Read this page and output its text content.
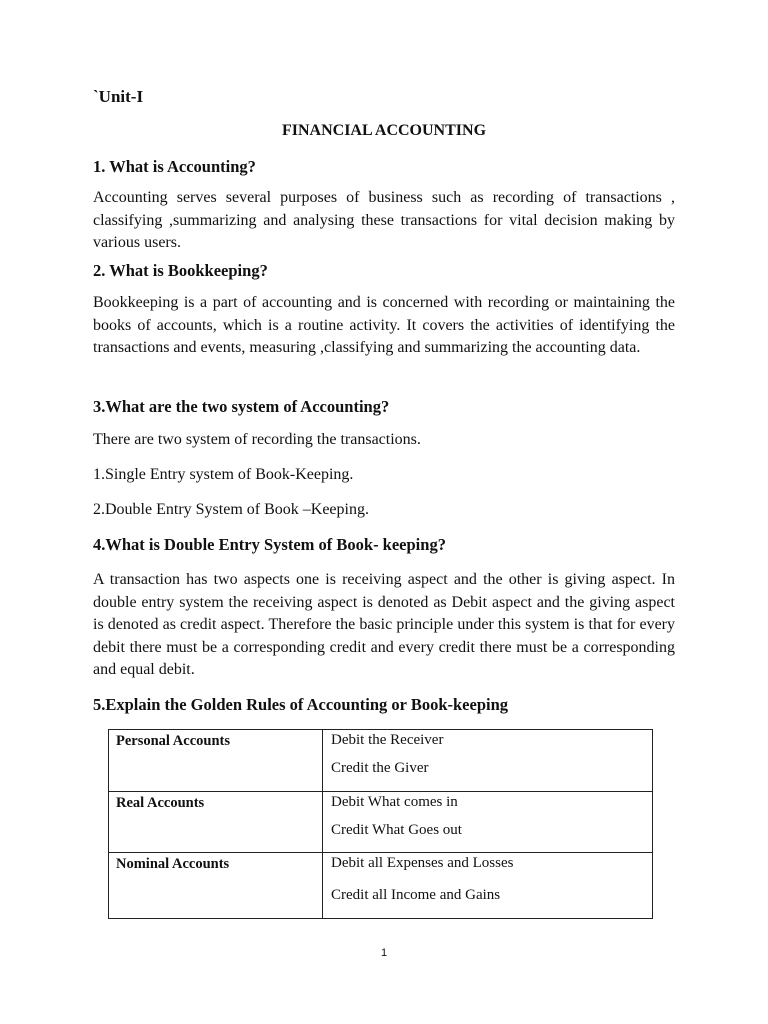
`Unit-I
FINANCIAL ACCOUNTING
1. What is Accounting?
Accounting serves several purposes of business such as recording of transactions , classifying ,summarizing and analysing these transactions for vital decision making by various users.
2. What is Bookkeeping?
Bookkeeping is a part of accounting and is concerned with recording or maintaining the books of accounts, which is a routine activity. It covers the activities of identifying the transactions and events, measuring ,classifying and summarizing the accounting data.
3.What are the two system of Accounting?
There are two system of recording the transactions.
1.Single Entry system of Book-Keeping.
2.Double Entry System of Book –Keeping.
4.What is Double Entry System of Book- keeping?
A transaction has two aspects one is receiving aspect and the other is giving aspect. In double entry system the receiving aspect is denoted as Debit aspect and the giving aspect is denoted as credit aspect. Therefore the basic principle under this system is that for every debit there must be a corresponding credit and every credit there must be a corresponding and equal debit.
5.Explain the Golden Rules of Accounting or Book-keeping
Personal Accounts	Debit the Receiver
Credit the Giver

Real Accounts	Debit What comes in
Credit What Goes out

Nominal Accounts	Debit all Expenses and Losses
Credit all Income and Gains
1
